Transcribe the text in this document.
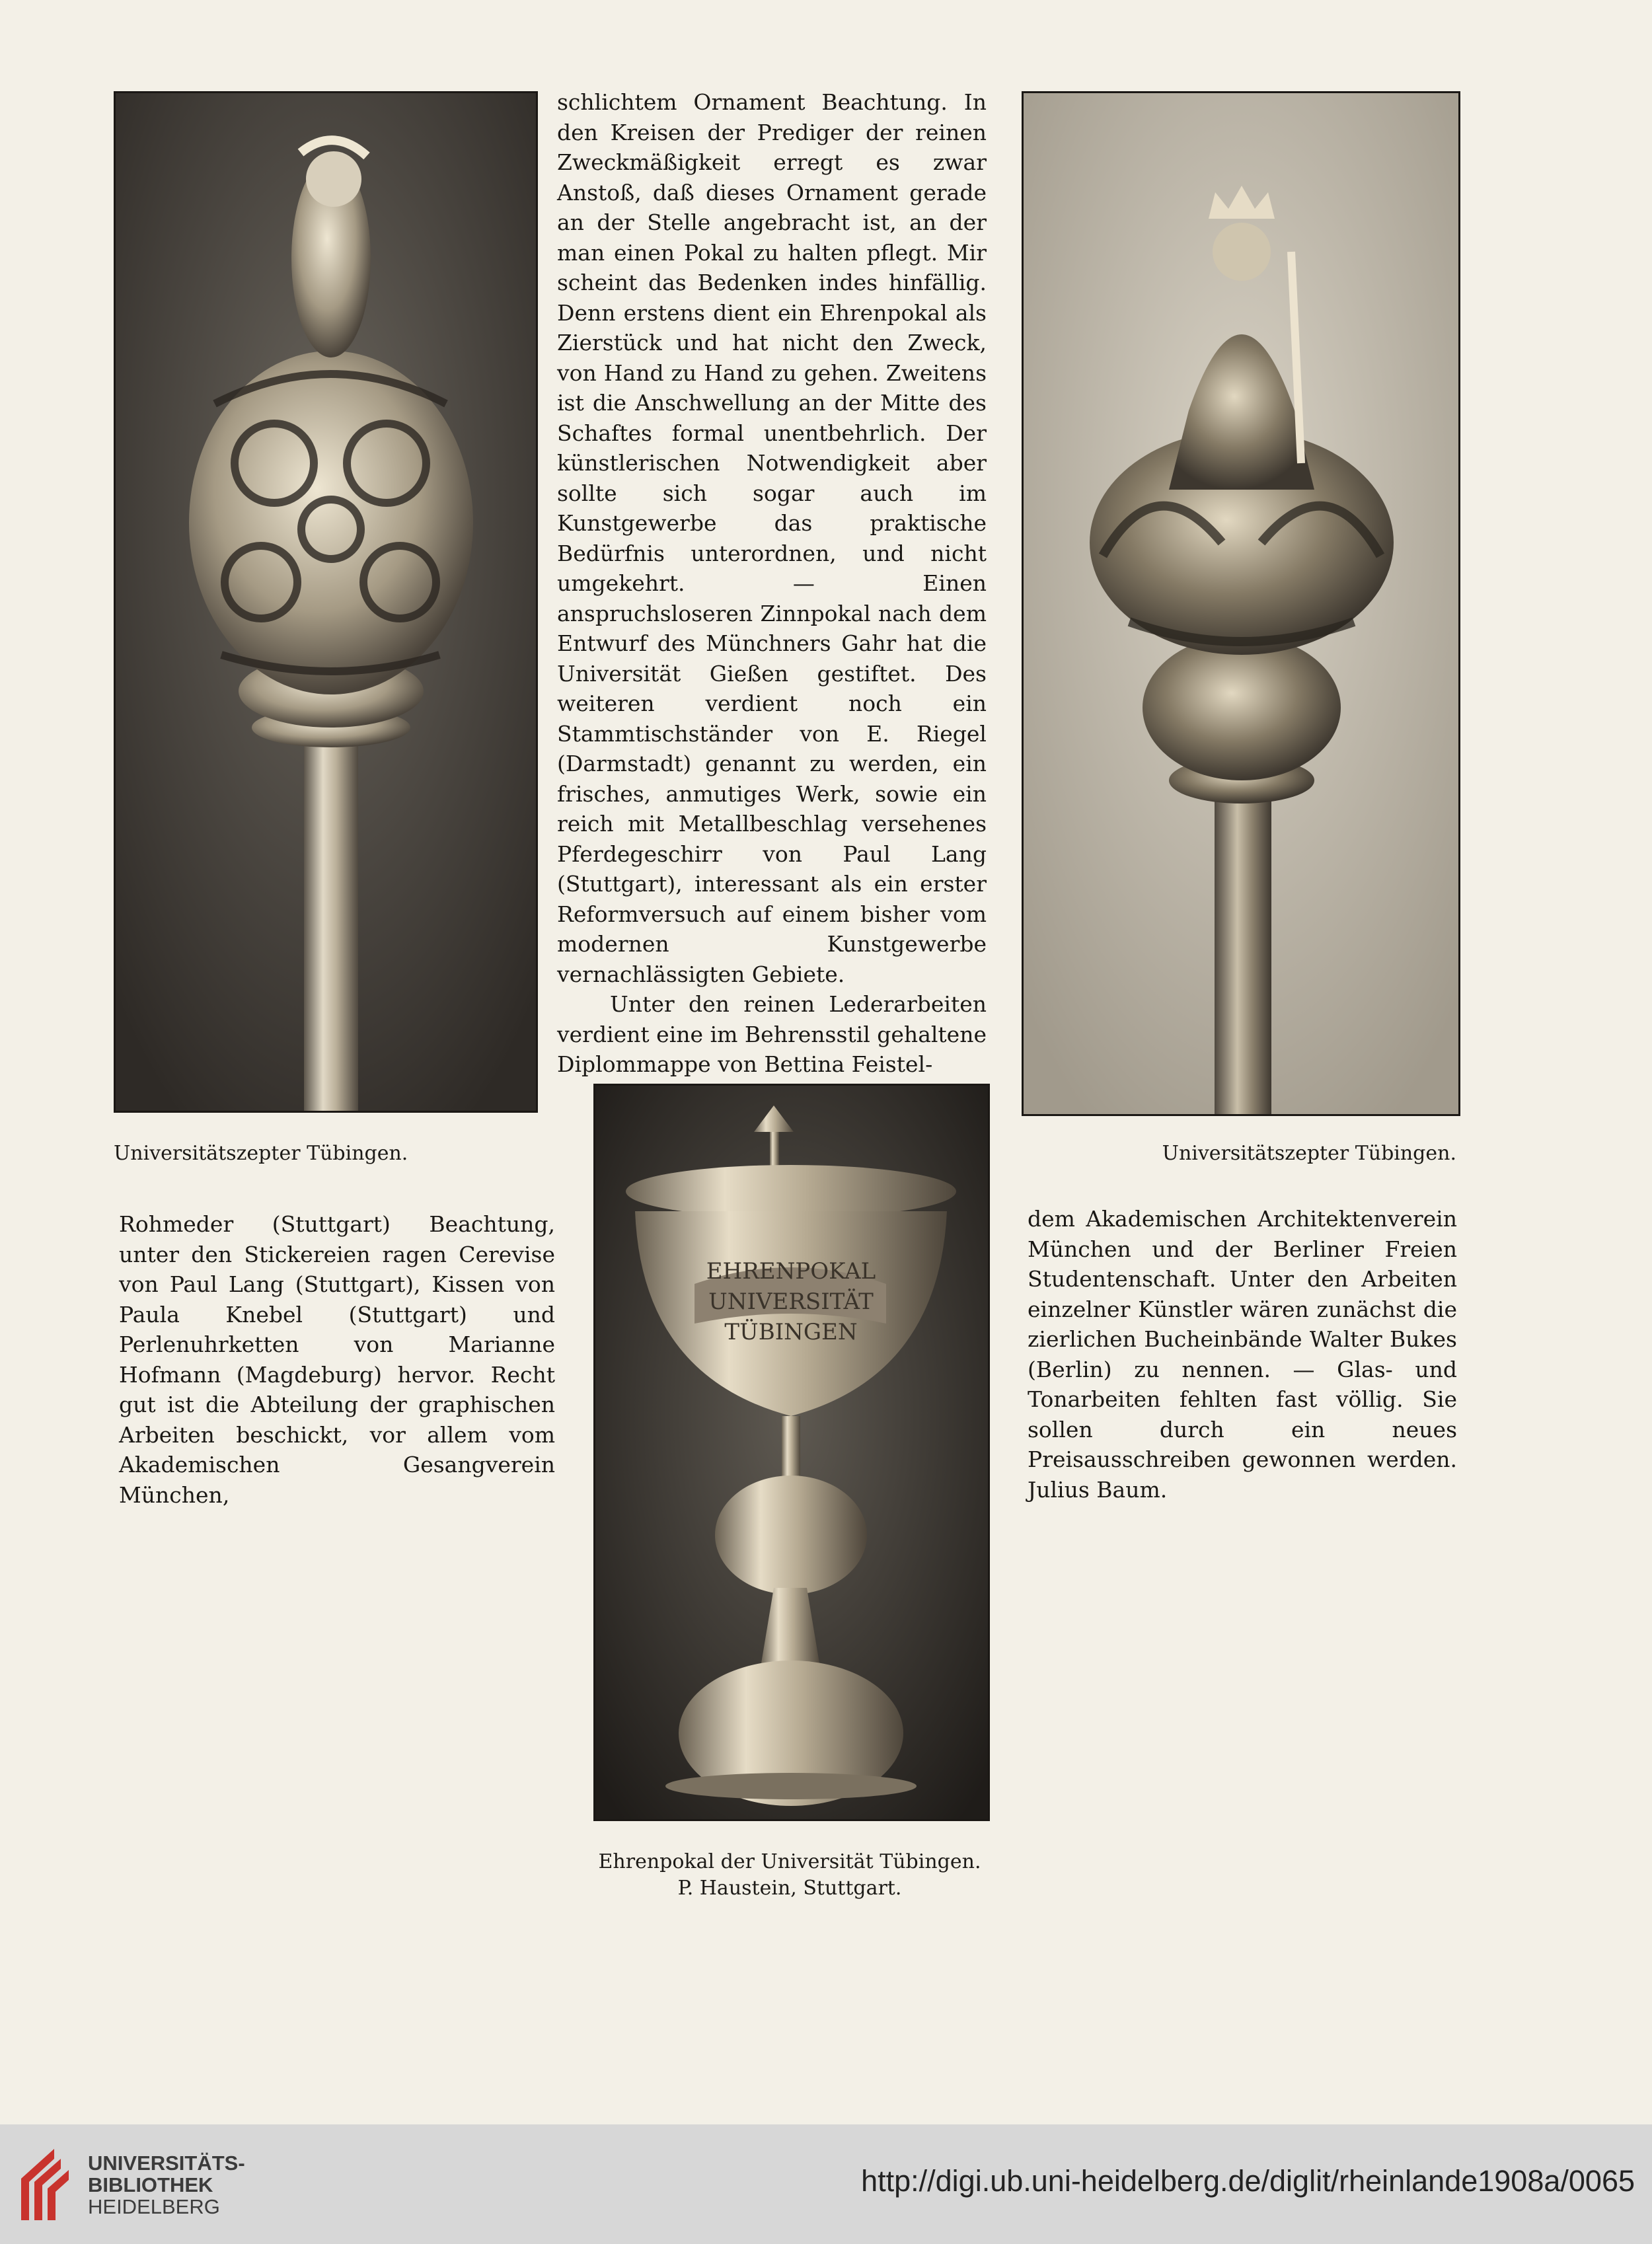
Universitätszepter Tübingen.	Universitätszepter Tübingen.
EHRENPOKAL
UNIVERSITÄT
TÜBINGEN
Ehrenpokal der Universität Tübingen.
P. Haustein, Stuttgart.

schlichtem Ornament Beachtung. In den Kreisen der Prediger der reinen Zweckmäßigkeit erregt es zwar Anstoß, daß dieses Ornament gerade an der Stelle angebracht ist, an der man einen Pokal zu halten pflegt. Mir scheint das Bedenken indes hinfällig. Denn erstens dient ein Ehrenpokal als Zierstück und hat nicht den Zweck, von Hand zu Hand zu gehen. Zweitens ist die Anschwellung an der Mitte des Schaftes formal unentbehrlich. Der künstlerischen Notwendigkeit aber sollte sich sogar auch im Kunstgewerbe das praktische Bedürfnis unterordnen, und nicht umgekehrt. — Einen anspruchsloseren Zinnpokal nach dem Entwurf des Münchners Gahr hat die Universität Gießen gestiftet. Des weiteren verdient noch ein Stammtischständer von E. Riegel (Darmstadt) genannt zu werden, ein frisches, anmutiges Werk, sowie ein reich mit Metallbeschlag versehenes Pferdegeschirr von Paul Lang (Stuttgart), interessant als ein erster Reformversuch auf einem bisher vom modernen Kunstgewerbe vernachlässigten Gebiete.

Unter den reinen Lederarbeiten verdient eine im Behrensstil gehaltene Diplommappe von Bettina Feistel-

Rohmeder (Stuttgart) Beachtung, unter den Stickereien ragen Cerevise von Paul Lang (Stuttgart), Kissen von Paula Knebel (Stuttgart) und Perlenuhrketten von Marianne Hofmann (Magdeburg) hervor. Recht gut ist die Abteilung der graphischen Arbeiten beschickt, vor allem vom Akademischen Gesangverein München,

dem Akademischen Architektenverein München und der Berliner Freien Studentenschaft. Unter den Arbeiten einzelner Künstler wären zunächst die zierlichen Bucheinbände Walter Bukes (Berlin) zu nennen. — Glas- und Tonarbeiten fehlten fast völlig. Sie sollen durch ein neues Preisausschreiben gewonnen werden. Julius Baum.

UNIVERSITÄTS-
BIBLIOTHEK
HEIDELBERG
http://digi.ub.uni-heidelberg.de/diglit/rheinlande1908a/0065
